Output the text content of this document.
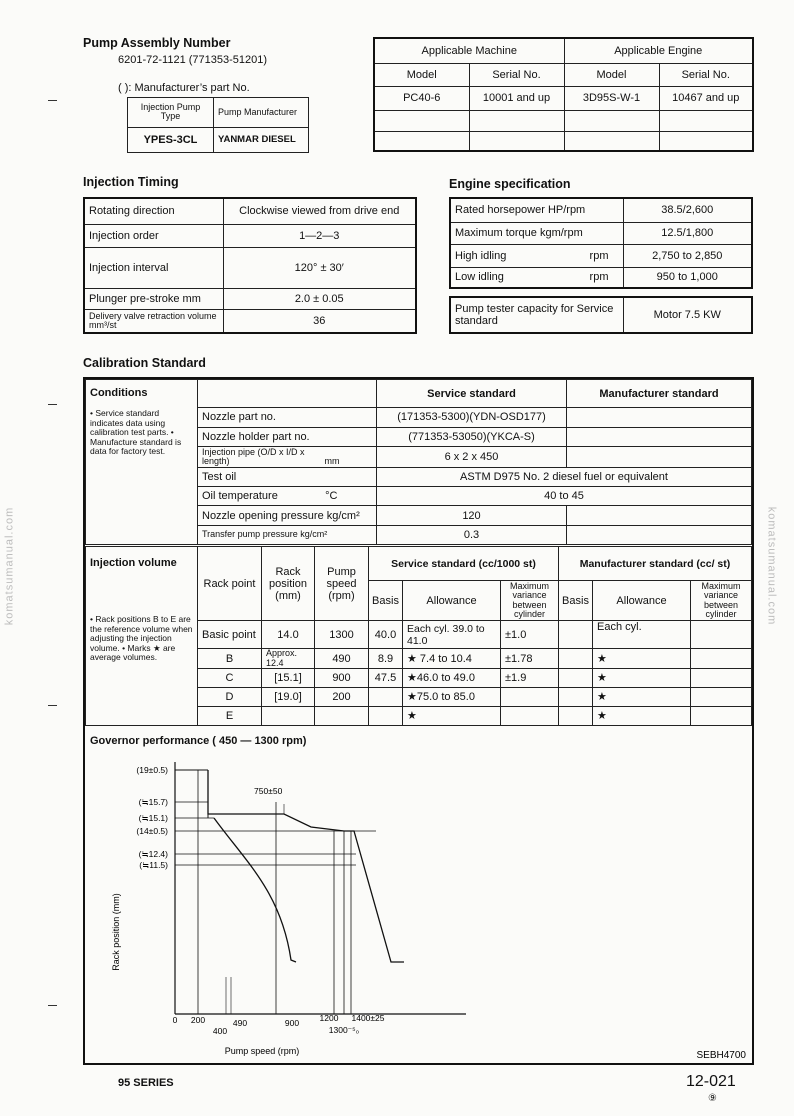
komatsumanual.com	komatsumanual.com
Pump Assembly Number
6201-72-1121 (771353-51201)
( ): Manufacturer’s part No.
Injection Pump Type	Pump Manufacturer
YPES-3CL	YANMAR DIESEL
Applicable Machine		Applicable Engine	
Model	Serial No.	Model	Serial No.
PC40-6	10001 and up	3D95S-W-1	10467 and up

Injection Timing
Rotating direction	Clockwise viewed from drive end
Injection order	1—2—3
Injection interval	120° ± 30′
Plunger pre-stroke mm	2.0 ± 0.05
Delivery valve retraction volume mm³/st	36
Engine specification
Rated horsepower HP/rpm	38.5/2,600
Maximum torque kgm/rpm	12.5/1,800
High idling rpm	2,750 to 2,850
Low idling rpm	950 to 1,000
Pump tester capacity for Service standard	Motor 7.5 KW
Calibration Standard
Conditions
• Service standard indicates data using calibration test parts. • Manufacture standard is data for factory test.		Service standard	Manufacturer standard
	Nozzle part no.	(171353-5300)(YDN-OSD177)	
	Nozzle holder part no.	(771353-53050)(YKCA-S)	
	Injection pipe (O/D x I/D x length) mm	6 x 2 x 450	
	Test oil	ASTM D975 No. 2 diesel fuel or equivalent	
	Oil temperature °C	40 to 45	
	Nozzle opening pressure kg/cm²	120	
	Transfer pump pressure kg/cm²	0.3	
Injection volume
• Rack positions B to E are the reference volume when adjusting the injection volume. • Marks ★ are average volumes.	Rack point	Rack position (mm)	Pump speed (rpm)	Service standard (cc/1000 st)			Manufacturer standard (cc/ st)		
				Basis	Allowance	Maximum variance between cylinder	Basis	Allowance	Maximum variance between cylinder
	Basic point	14.0	1300	40.0	Each cyl. 39.0 to 41.0	±1.0		Each cyl.	
	B	Approx. 12.4	490	8.9	★ 7.4 to 10.4	±1.78		★	
	C	[15.1]	900	47.5	★46.0 to 49.0	±1.9		★	
	D	[19.0]	200		★75.0 to 85.0			★	
	E				★			★	
Governor performance ( 450 — 1300 rpm)
(19±0.5)
(≒15.7)
(≒15.1)
(14±0.5)
(≒12.4)
(≒11.5)
750±50
0 200
400
490	900 1200
1300⁻⁵₀
1400±25
Rack position (mm)
Pump speed (rpm)	SEBH4700
95 SERIES	12-021
⑨
